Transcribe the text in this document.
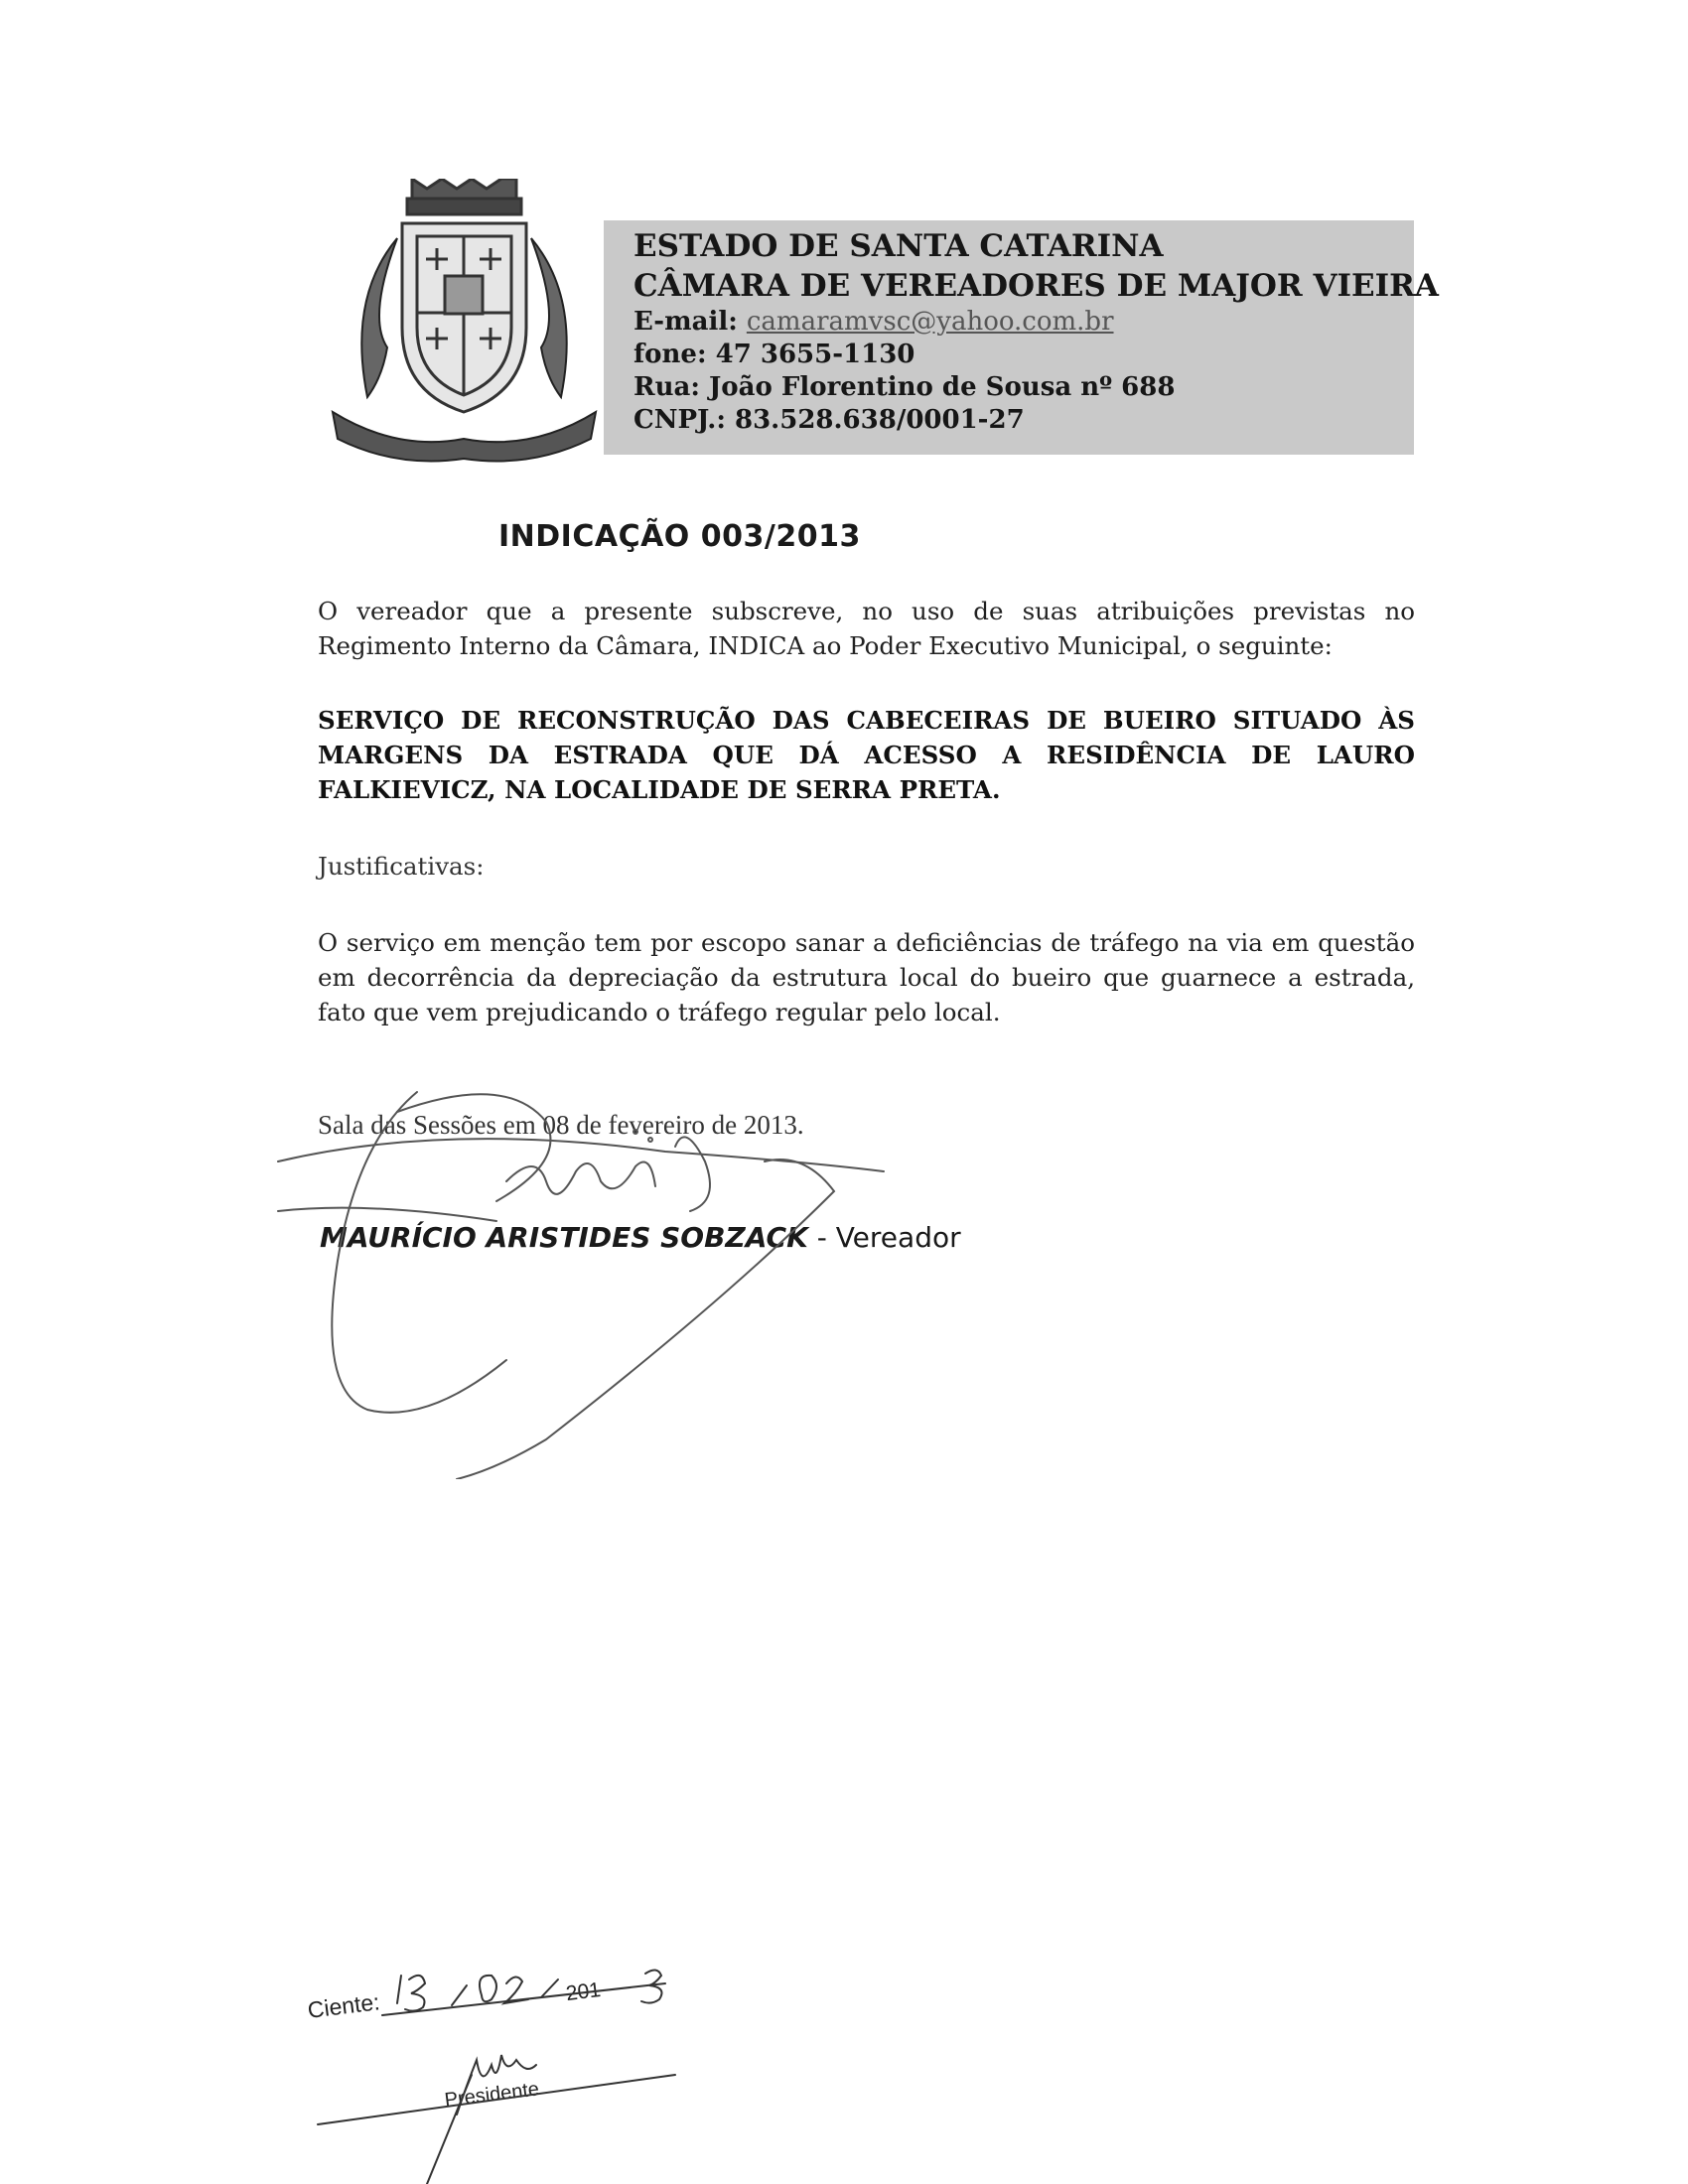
ESTADO DE SANTA CATARINA
CÂMARA DE VEREADORES DE MAJOR VIEIRA
E-mail: camaramvsc@yahoo.com.br
fone: 47 3655-1130
Rua: João Florentino de Sousa nº 688
CNPJ.: 83.528.638/0001-27
INDICAÇÃO 003/2013
O vereador que a presente subscreve, no uso de suas atribuições previstas no Regimento Interno da Câmara, INDICA ao Poder Executivo Municipal, o seguinte:
SERVIÇO DE RECONSTRUÇÃO DAS CABECEIRAS DE BUEIRO SITUADO ÀS MARGENS DA ESTRADA QUE DÁ ACESSO A RESIDÊNCIA DE LAURO FALKIEVICZ, NA LOCALIDADE DE SERRA PRETA.
Justificativas:
O serviço em menção tem por escopo sanar a deficiências de tráfego na via em questão em decorrência da depreciação da estrutura local do bueiro que guarnece a estrada, fato que vem prejudicando o tráfego regular pelo local.
Sala das Sessões em 08 de fevereiro de 2013.
MAURÍCIO ARISTIDES SOBZACK - Vereador
Ciente:	201
Presidente
